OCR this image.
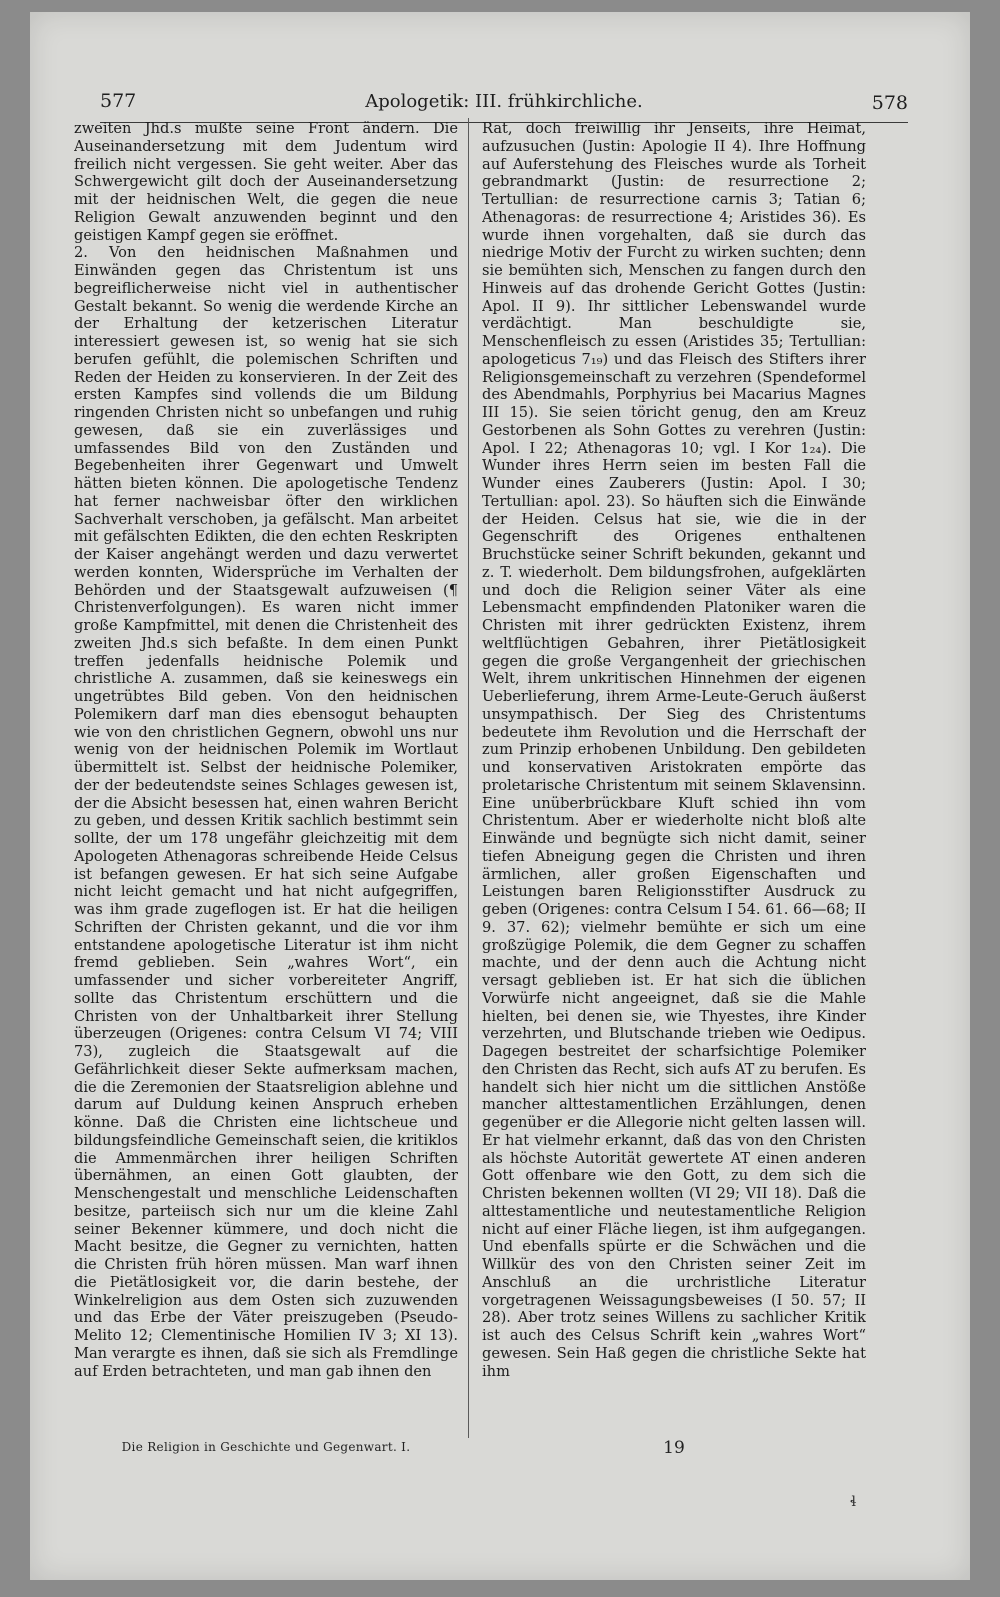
577	Apologetik: III. frühkirchliche.	578

zweiten Jhd.s mußte seine Front ändern. Die Auseinandersetzung mit dem Judentum wird freilich nicht vergessen. Sie geht weiter. Aber das Schwergewicht gilt doch der Auseinandersetzung mit der heidnischen Welt, die gegen die neue Religion Gewalt anzuwenden beginnt und den geistigen Kampf gegen sie eröffnet.

2. Von den heidnischen Maßnahmen und Einwänden gegen das Christentum ist uns begreiflicherweise nicht viel in authentischer Gestalt bekannt. So wenig die werdende Kirche an der Erhaltung der ketzerischen Literatur interessiert gewesen ist, so wenig hat sie sich berufen gefühlt, die polemischen Schriften und Reden der Heiden zu konservieren. In der Zeit des ersten Kampfes sind vollends die um Bildung ringenden Christen nicht so unbefangen und ruhig gewesen, daß sie ein zuverlässiges und umfassendes Bild von den Zuständen und Begebenheiten ihrer Gegenwart und Umwelt hätten bieten können. Die apologetische Tendenz hat ferner nachweisbar öfter den wirklichen Sachverhalt verschoben, ja gefälscht. Man arbeitet mit gefälschten Edikten, die den echten Reskripten der Kaiser angehängt werden und dazu verwertet werden konnten, Widersprüche im Verhalten der Behörden und der Staatsgewalt aufzuweisen (¶ Christenverfolgungen). Es waren nicht immer große Kampfmittel, mit denen die Christenheit des zweiten Jhd.s sich befaßte. In dem einen Punkt treffen jedenfalls heidnische Polemik und christliche A. zusammen, daß sie keineswegs ein ungetrübtes Bild geben. Von den heidnischen Polemikern darf man dies ebensogut behaupten wie von den christlichen Gegnern, obwohl uns nur wenig von der heidnischen Polemik im Wortlaut übermittelt ist. Selbst der heidnische Polemiker, der der bedeutendste seines Schlages gewesen ist, der die Absicht besessen hat, einen wahren Bericht zu geben, und dessen Kritik sachlich bestimmt sein sollte, der um 178 ungefähr gleichzeitig mit dem Apologeten Athenagoras schreibende Heide Celsus ist befangen gewesen. Er hat sich seine Aufgabe nicht leicht gemacht und hat nicht aufgegriffen, was ihm grade zugeflogen ist. Er hat die heiligen Schriften der Christen gekannt, und die vor ihm entstandene apologetische Literatur ist ihm nicht fremd geblieben. Sein „wahres Wort“, ein umfassender und sicher vorbereiteter Angriff, sollte das Christentum erschüttern und die Christen von der Unhaltbarkeit ihrer Stellung überzeugen (Origenes: contra Celsum VI 74; VIII 73), zugleich die Staatsgewalt auf die Gefährlichkeit dieser Sekte aufmerksam machen, die die Zeremonien der Staatsreligion ablehne und darum auf Duldung keinen Anspruch erheben könne. Daß die Christen eine lichtscheue und bildungsfeindliche Gemeinschaft seien, die kritiklos die Ammenmärchen ihrer heiligen Schriften übernähmen, an einen Gott glaubten, der Menschengestalt und menschliche Leidenschaften besitze, parteiisch sich nur um die kleine Zahl seiner Bekenner kümmere, und doch nicht die Macht besitze, die Gegner zu vernichten, hatten die Christen früh hören müssen. Man warf ihnen die Pietätlosigkeit vor, die darin bestehe, der Winkelreligion aus dem Osten sich zuzuwenden und das Erbe der Väter preiszugeben (Pseudo-Melito 12; Clementinische Homilien IV 3; XI 13). Man verargte es ihnen, daß sie sich als Fremdlinge auf Erden betrachteten, und man gab ihnen den

Rat, doch freiwillig ihr Jenseits, ihre Heimat, aufzusuchen (Justin: Apologie II 4). Ihre Hoffnung auf Auferstehung des Fleisches wurde als Torheit gebrandmarkt (Justin: de resurrectione 2; Tertullian: de resurrectione carnis 3; Tatian 6; Athenagoras: de resurrectione 4; Aristides 36). Es wurde ihnen vorgehalten, daß sie durch das niedrige Motiv der Furcht zu wirken suchten; denn sie bemühten sich, Menschen zu fangen durch den Hinweis auf das drohende Gericht Gottes (Justin: Apol. II 9). Ihr sittlicher Lebenswandel wurde verdächtigt. Man beschuldigte sie, Menschenfleisch zu essen (Aristides 35; Tertullian: apologeticus 7₁₉) und das Fleisch des Stifters ihrer Religionsgemeinschaft zu verzehren (Spendeformel des Abendmahls, Porphyrius bei Macarius Magnes III 15). Sie seien töricht genug, den am Kreuz Gestorbenen als Sohn Gottes zu verehren (Justin: Apol. I 22; Athenagoras 10; vgl. I Kor 1₂₄). Die Wunder ihres Herrn seien im besten Fall die Wunder eines Zauberers (Justin: Apol. I 30; Tertullian: apol. 23). So häuften sich die Einwände der Heiden. Celsus hat sie, wie die in der Gegenschrift des Origenes enthaltenen Bruchstücke seiner Schrift bekunden, gekannt und z. T. wiederholt. Dem bildungsfrohen, aufgeklärten und doch die Religion seiner Väter als eine Lebensmacht empfindenden Platoniker waren die Christen mit ihrer gedrückten Existenz, ihrem weltflüchtigen Gebahren, ihrer Pietätlosigkeit gegen die große Vergangenheit der griechischen Welt, ihrem unkritischen Hinnehmen der eigenen Ueberlieferung, ihrem Arme-Leute-Geruch äußerst unsympathisch. Der Sieg des Christentums bedeutete ihm Revolution und die Herrschaft der zum Prinzip erhobenen Unbildung. Den gebildeten und konservativen Aristokraten empörte das proletarische Christentum mit seinem Sklavensinn. Eine unüberbrückbare Kluft schied ihn vom Christentum. Aber er wiederholte nicht bloß alte Einwände und begnügte sich nicht damit, seiner tiefen Abneigung gegen die Christen und ihren ärmlichen, aller großen Eigenschaften und Leistungen baren Religionsstifter Ausdruck zu geben (Origenes: contra Celsum I 54. 61. 66—68; II 9. 37. 62); vielmehr bemühte er sich um eine großzügige Polemik, die dem Gegner zu schaffen machte, und der denn auch die Achtung nicht versagt geblieben ist. Er hat sich die üblichen Vorwürfe nicht angeeignet, daß sie die Mahle hielten, bei denen sie, wie Thyestes, ihre Kinder verzehrten, und Blutschande trieben wie Oedipus. Dagegen bestreitet der scharfsichtige Polemiker den Christen das Recht, sich aufs AT zu berufen. Es handelt sich hier nicht um die sittlichen Anstöße mancher alttestamentlichen Erzählungen, denen gegenüber er die Allegorie nicht gelten lassen will. Er hat vielmehr erkannt, daß das von den Christen als höchste Autorität gewertete AT einen anderen Gott offenbare wie den Gott, zu dem sich die Christen bekennen wollten (VI 29; VII 18). Daß die alttestamentliche und neutestamentliche Religion nicht auf einer Fläche liegen, ist ihm aufgegangen. Und ebenfalls spürte er die Schwächen und die Willkür des von den Christen seiner Zeit im Anschluß an die urchristliche Literatur vorgetragenen Weissagungsbeweises (I 50. 57; II 28). Aber trotz seines Willens zu sachlicher Kritik ist auch des Celsus Schrift kein „wahres Wort“ gewesen. Sein Haß gegen die christliche Sekte hat ihm

Die Religion in Geschichte und Gegenwart. I.	19
ɬ
